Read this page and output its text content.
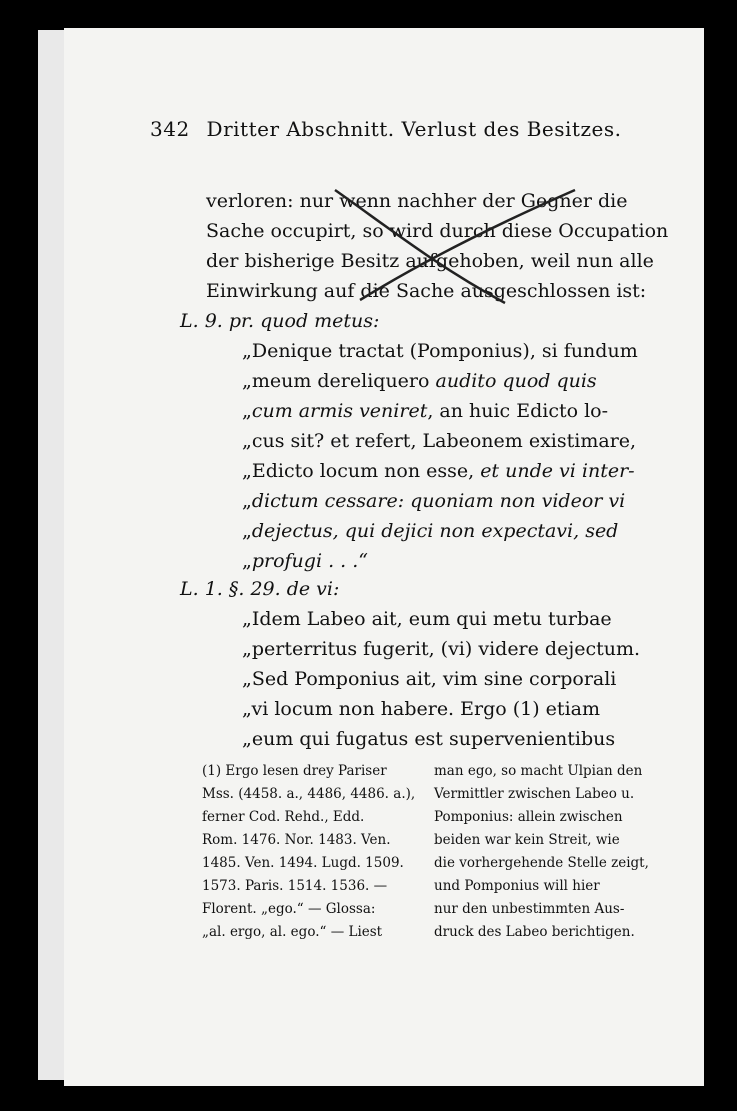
342 Dritter Abschnitt. Verlust des Besitzes.
verloren: nur wenn nachher der Gegner die
Sache occupirt, so wird durch diese Occupation
der bisherige Besitz aufgehoben, weil nun alle
Einwirkung auf die Sache ausgeschlossen ist:
L. 9. pr. quod metus:
„Denique tractat (Pomponius), si fundum
„meum dereliquero audito quod quis
„cum armis veniret, an huic Edicto lo-
„cus sit? et refert, Labeonem existimare,
„Edicto locum non esse, et unde vi inter-
„dictum cessare: quoniam non videor vi
„dejectus, qui dejici non expectavi, sed
„profugi . . .“
L. 1. §. 29. de vi:
„Idem Labeo ait, eum qui metu turbae
„perterritus fugerit, (vi) videre dejectum.
„Sed Pomponius ait, vim sine corporali
„vi locum non habere. Ergo (1) etiam
„eum qui fugatus est supervenientibus
(1) Ergo lesen drey Pariser
Mss. (4458. a., 4486, 4486. a.),
ferner Cod. Rehd., Edd.
Rom. 1476. Nor. 1483. Ven.
1485. Ven. 1494. Lugd. 1509.
1573. Paris. 1514. 1536. —
Florent. „ego.“ — Glossa:
„al. ergo, al. ego.“ — Liest
man ego, so macht Ulpian den
Vermittler zwischen Labeo u.
Pomponius: allein zwischen
beiden war kein Streit, wie
die vorhergehende Stelle zeigt,
und Pomponius will hier
nur den unbestimmten Aus-
druck des Labeo berichtigen.
